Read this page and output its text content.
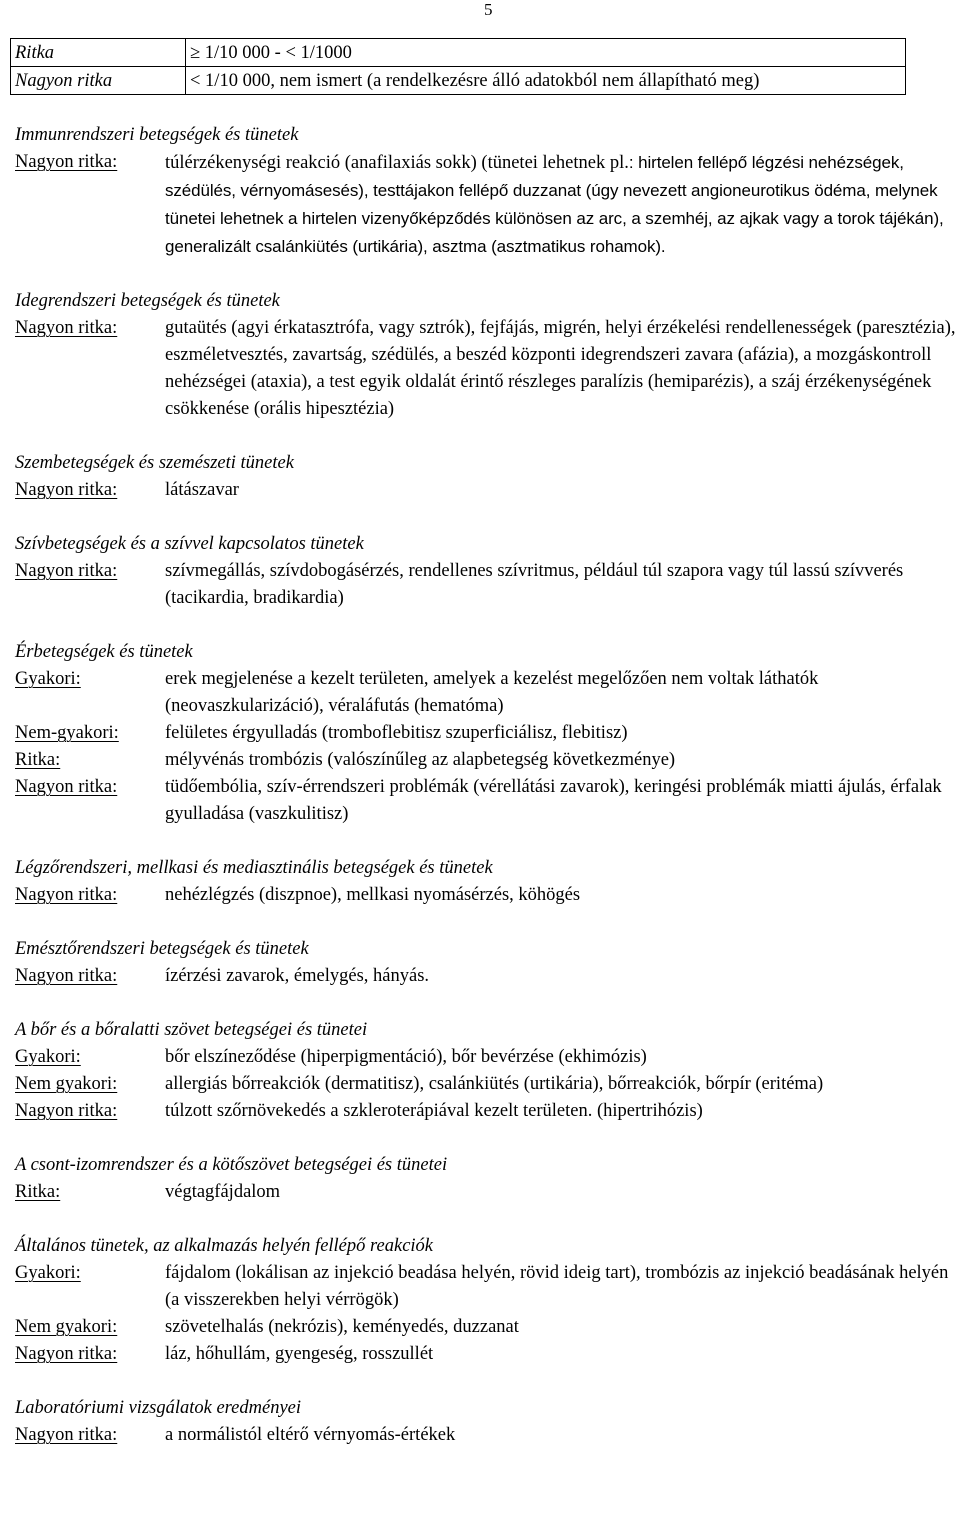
5
Ritka	≥ 1/10 000 - < 1/1000
Nagyon ritka	< 1/10 000, nem ismert (a rendelkezésre álló adatokból nem állapítható meg)
Immunrendszeri betegségek és tünetek
Nagyon ritka:	túlérzékenységi reakció (anafilaxiás sokk) (tünetei lehetnek pl.: hirtelen fellépő légzési nehézségek, szédülés, vérnyomásesés), testtájakon fellépő duzzanat (úgy nevezett angioneurotikus ödéma, melynek tünetei lehetnek a hirtelen vizenyőképződés különösen az arc, a szemhéj, az ajkak vagy a torok tájékán), generalizált csalánkiütés (urtikária), asztma (asztmatikus rohamok).
Idegrendszeri betegségek és tünetek
Nagyon ritka:	gutaütés (agyi érkatasztrófa, vagy sztrók), fejfájás, migrén, helyi érzékelési rendellenességek (paresztézia), eszméletvesztés, zavartság, szédülés, a beszéd központi idegrendszeri zavara (afázia), a mozgáskontroll nehézségei (ataxia), a test egyik oldalát érintő részleges paralízis (hemiparézis), a száj érzékenységének csökkenése (orális hipesztézia)
Szembetegségek és szemészeti tünetek
Nagyon ritka:	látászavar
Szívbetegségek és a szívvel kapcsolatos tünetek
Nagyon ritka:	szívmegállás, szívdobogásérzés, rendellenes szívritmus, például túl szapora vagy túl lassú szívverés (tacikardia, bradikardia)
Érbetegségek és tünetek
Gyakori:	erek megjelenése a kezelt területen, amelyek a kezelést megelőzően nem voltak láthatók (neovaszkularizáció), véraláfutás (hematóma)
Nem-gyakori:	felületes érgyulladás (tromboflebitisz szuperficiálisz, flebitisz)
Ritka:	mélyvénás trombózis (valószínűleg az alapbetegség következménye)
Nagyon ritka:	tüdőembólia, szív-érrendszeri problémák (vérellátási zavarok), keringési problémák miatti ájulás, érfalak gyulladása (vaszkulitisz)
Légzőrendszeri, mellkasi és mediasztinális betegségek és tünetek
Nagyon ritka:	nehézlégzés (diszpnoe), mellkasi nyomásérzés, köhögés
Emésztőrendszeri betegségek és tünetek
Nagyon ritka:	ízérzési zavarok, émelygés, hányás.
A bőr és a bőralatti szövet betegségei és tünetei
Gyakori:	bőr elszíneződése (hiperpigmentáció), bőr bevérzése (ekhimózis)
Nem gyakori:	allergiás bőrreakciók (dermatitisz), csalánkiütés (urtikária), bőrreakciók, bőrpír (eritéma)
Nagyon ritka:	túlzott szőrnövekedés a szkleroterápiával kezelt területen. (hipertrihózis)
A csont-izomrendszer és a kötőszövet betegségei és tünetei
Ritka:	végtagfájdalom
Általános tünetek, az alkalmazás helyén fellépő reakciók
Gyakori:	fájdalom (lokálisan az injekció beadása helyén, rövid ideig tart), trombózis az injekció beadásának helyén (a visszerekben helyi vérrögök)
Nem gyakori:	szövetelhalás (nekrózis), keményedés, duzzanat
Nagyon ritka:	láz, hőhullám, gyengeség, rosszullét
Laboratóriumi vizsgálatok eredményei
Nagyon ritka:	a normálistól eltérő vérnyomás-értékek
